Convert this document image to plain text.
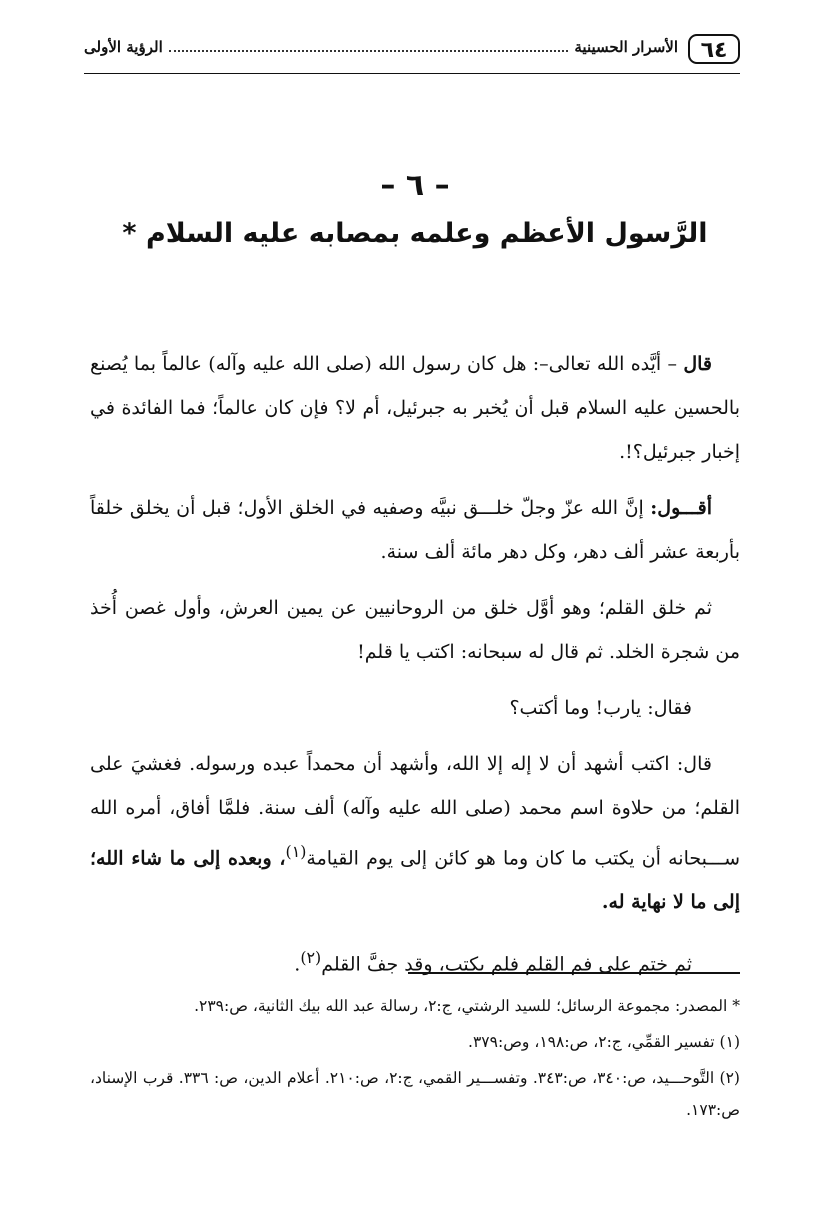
٦٤
الأسرار الحسينية
الرؤية الأولى
– ٦ –
الرَّسول الأعظم وعلمه بمصابه عليه السلام *

قال – أيَّده الله تعالى–: هل كان رسول الله (صلى الله عليه وآله) عالماً بما يُصنع بالحسين عليه السلام قبل أن يُخبر به جبرئيل، أم لا؟ فإن كان عالماً؛ فما الفائدة في إخبار جبرئيل؟!.

أقـــول: إنَّ الله عزّ وجلّ خلـــق نبيَّه وصفيه في الخلق الأول؛ قبل أن يخلق خلقاً بأربعة عشر ألف دهر، وكل دهر مائة ألف سنة.

ثم خلق القلم؛ وهو أوَّل خلق من الروحانيين عن يمين العرش، وأول غصن أُخذ من شجرة الخلد. ثم قال له سبحانه: اكتب يا قلم!

فقال: يارب! وما أكتب؟

قال: اكتب أشهد أن لا إله إلا الله، وأشهد أن محمداً عبده ورسوله. فغشيَ على القلم؛ من حلاوة اسم محمد (صلى الله عليه وآله) ألف سنة. فلمَّا أفاق، أمره الله ســـبحانه أن يكتب ما كان وما هو كائن إلى يوم القيامة$^{(١)}$، وبعده إلى ما شاء الله؛ إلى ما لا نهاية له.

ثم ختم على فم القلم فلم يكتب، وقد جفَّ القلم$^{(٢)}$.

* المصدر: مجموعة الرسائل؛ للسيد الرشتي، ج:٢، رسالة عبد الله بيك الثانية، ص:٢٣٩.

(١) تفسير القمِّي، ج:٢، ص:١٩٨، وص:٣٧٩.

(٢) التَّوحـــيد، ص:٣٤٠، ص:٣٤٣. وتفســـير القمي، ج:٢، ص:٢١٠. أعلام الدين، ص: ٣٣٦. قرب الإسناد، ص:١٧٣.
